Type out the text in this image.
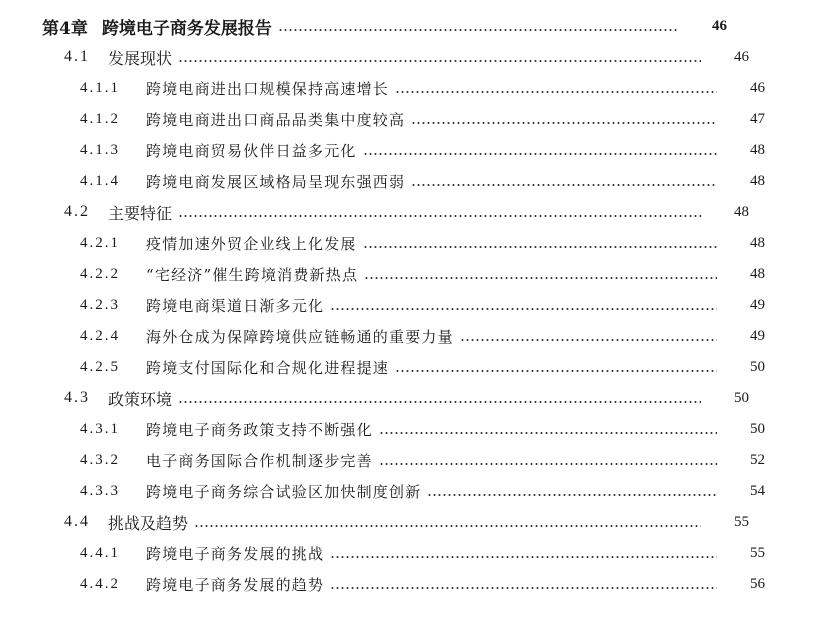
第4章 跨境电子商务发展报告	46
4.1 发展现状	46
4.1.1	跨境电商进出口规模保持高速增长	46
4.1.2	跨境电商进出口商品品类集中度较高	47
4.1.3	跨境电商贸易伙伴日益多元化	48
4.1.4	跨境电商发展区域格局呈现东强西弱	48
4.2 主要特征	48
4.2.1	疫情加速外贸企业线上化发展	48
4.2.2	“宅经济”催生跨境消费新热点	48
4.2.3	跨境电商渠道日渐多元化	49
4.2.4	海外仓成为保障跨境供应链畅通的重要力量	49
4.2.5	跨境支付国际化和合规化进程提速	50
4.3 政策环境	50
4.3.1	跨境电子商务政策支持不断强化	50
4.3.2	电子商务国际合作机制逐步完善	52
4.3.3	跨境电子商务综合试验区加快制度创新	54
4.4 挑战及趋势	55
4.4.1	跨境电子商务发展的挑战	55
4.4.2	跨境电子商务发展的趋势	56
